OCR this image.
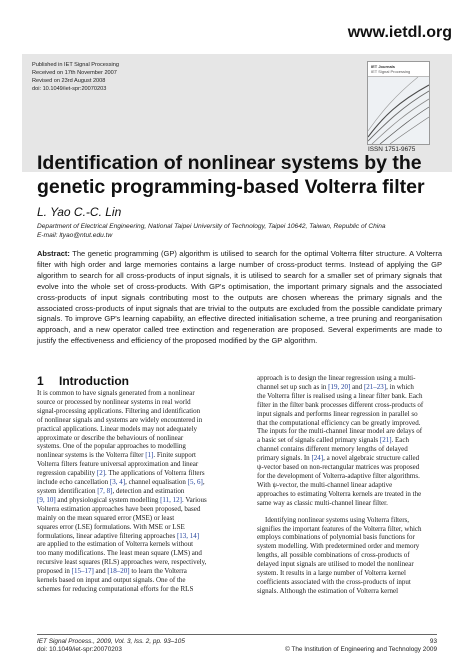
www.ietdl.org
Published in IET Signal Processing
Received on 17th November 2007
Revised on 23rd August 2008
doi: 10.1049/iet-spr:20070203
IET Journals
IET Signal Processing
ISSN 1751-9675
Identification of nonlinear systems by the
genetic programming-based Volterra filter
L. Yao C.-C. Lin
Department of Electrical Engineering, National Taipei University of Technology, Taipei 10642, Taiwan, Republic of China
E-mail: ltyao@ntut.edu.tw
Abstract: The genetic programming (GP) algorithm is utilised to search for the optimal Volterra filter structure. A Volterra filter with high order and large memories contains a large number of cross-product terms. Instead of applying the GP algorithm to search for all cross-products of input signals, it is utilised to search for a smaller set of primary signals that evolve into the whole set of cross-products. With GP's optimisation, the important primary signals and the associated cross-products of input signals contributing most to the outputs are chosen whereas the primary signals and the associated cross-products of input signals that are trivial to the outputs are excluded from the possible candidate primary signals. To improve GP's learning capability, an effective directed initialisation scheme, a tree pruning and reorganisation approach, and a new operator called tree extinction and regeneration are proposed. Several experiments are made to justify the effectiveness and efficiency of the proposed modified by the GP algorithm.
1 Introduction
It is common to have signals generated from a nonlinear
source or processed by nonlinear systems in real world
signal-processing applications. Filtering and identification
of nonlinear signals and systems are widely encountered in
practical applications. Linear models may not adequately
approximate or describe the behaviours of nonlinear
systems. One of the popular approaches to modelling
nonlinear systems is the Volterra filter [1]. Finite support
Volterra filters feature universal approximation and linear
regression capability [2]. The applications of Volterra filters
include echo cancellation [3, 4], channel equalisation [5, 6],
system identification [7, 8], detection and estimation
[9, 10] and physiological system modelling [11, 12]. Various
Volterra estimation approaches have been proposed, based
mainly on the mean squared error (MSE) or least
squares error (LSE) formulations. With MSE or LSE
formulations, linear adaptive filtering approaches [13, 14]
are applied to the estimation of Volterra kernels without
too many modifications. The least mean square (LMS) and
recursive least squares (RLS) approaches were, respectively,
proposed in [15–17] and [18–20] to learn the Volterra
kernels based on input and output signals. One of the
schemes for reducing computational efforts for the RLS
approach is to design the linear regression using a multi-
channel set up such as in [19, 20] and [21–23], in which
the Volterra filter is realised using a linear filter bank. Each
filter in the filter bank processes different cross-products of
input signals and performs linear regression in parallel so
that the computational efficiency can be greatly improved.
The inputs for the multi-channel linear model are delays of
a basic set of signals called primary signals [21]. Each
channel contains different memory lengths of delayed
primary signals. In [24], a novel algebraic structure called
ψ-vector based on non-rectangular matrices was proposed
for the development of Volterra-adaptive filter algorithms.
With ψ-vector, the multi-channel linear adaptive
approaches to estimating Volterra kernels are treated in the
same way as classic multi-channel linear filter.
Identifying nonlinear systems using Volterra filters,
signifies the important features of the Volterra filter, which
employs combinations of polynomial basis functions for
system modelling. With predetermined order and memory
lengths, all possible combinations of cross-products of
delayed input signals are utilised to model the nonlinear
system. It results in a large number of Volterra kernel
coefficients associated with the cross-products of input
signals. Although the estimation of Volterra kernel
IET Signal Process., 2009, Vol. 3, Iss. 2, pp. 93–105
doi: 10.1049/iet-spr:20070203
93
© The Institution of Engineering and Technology 2009
